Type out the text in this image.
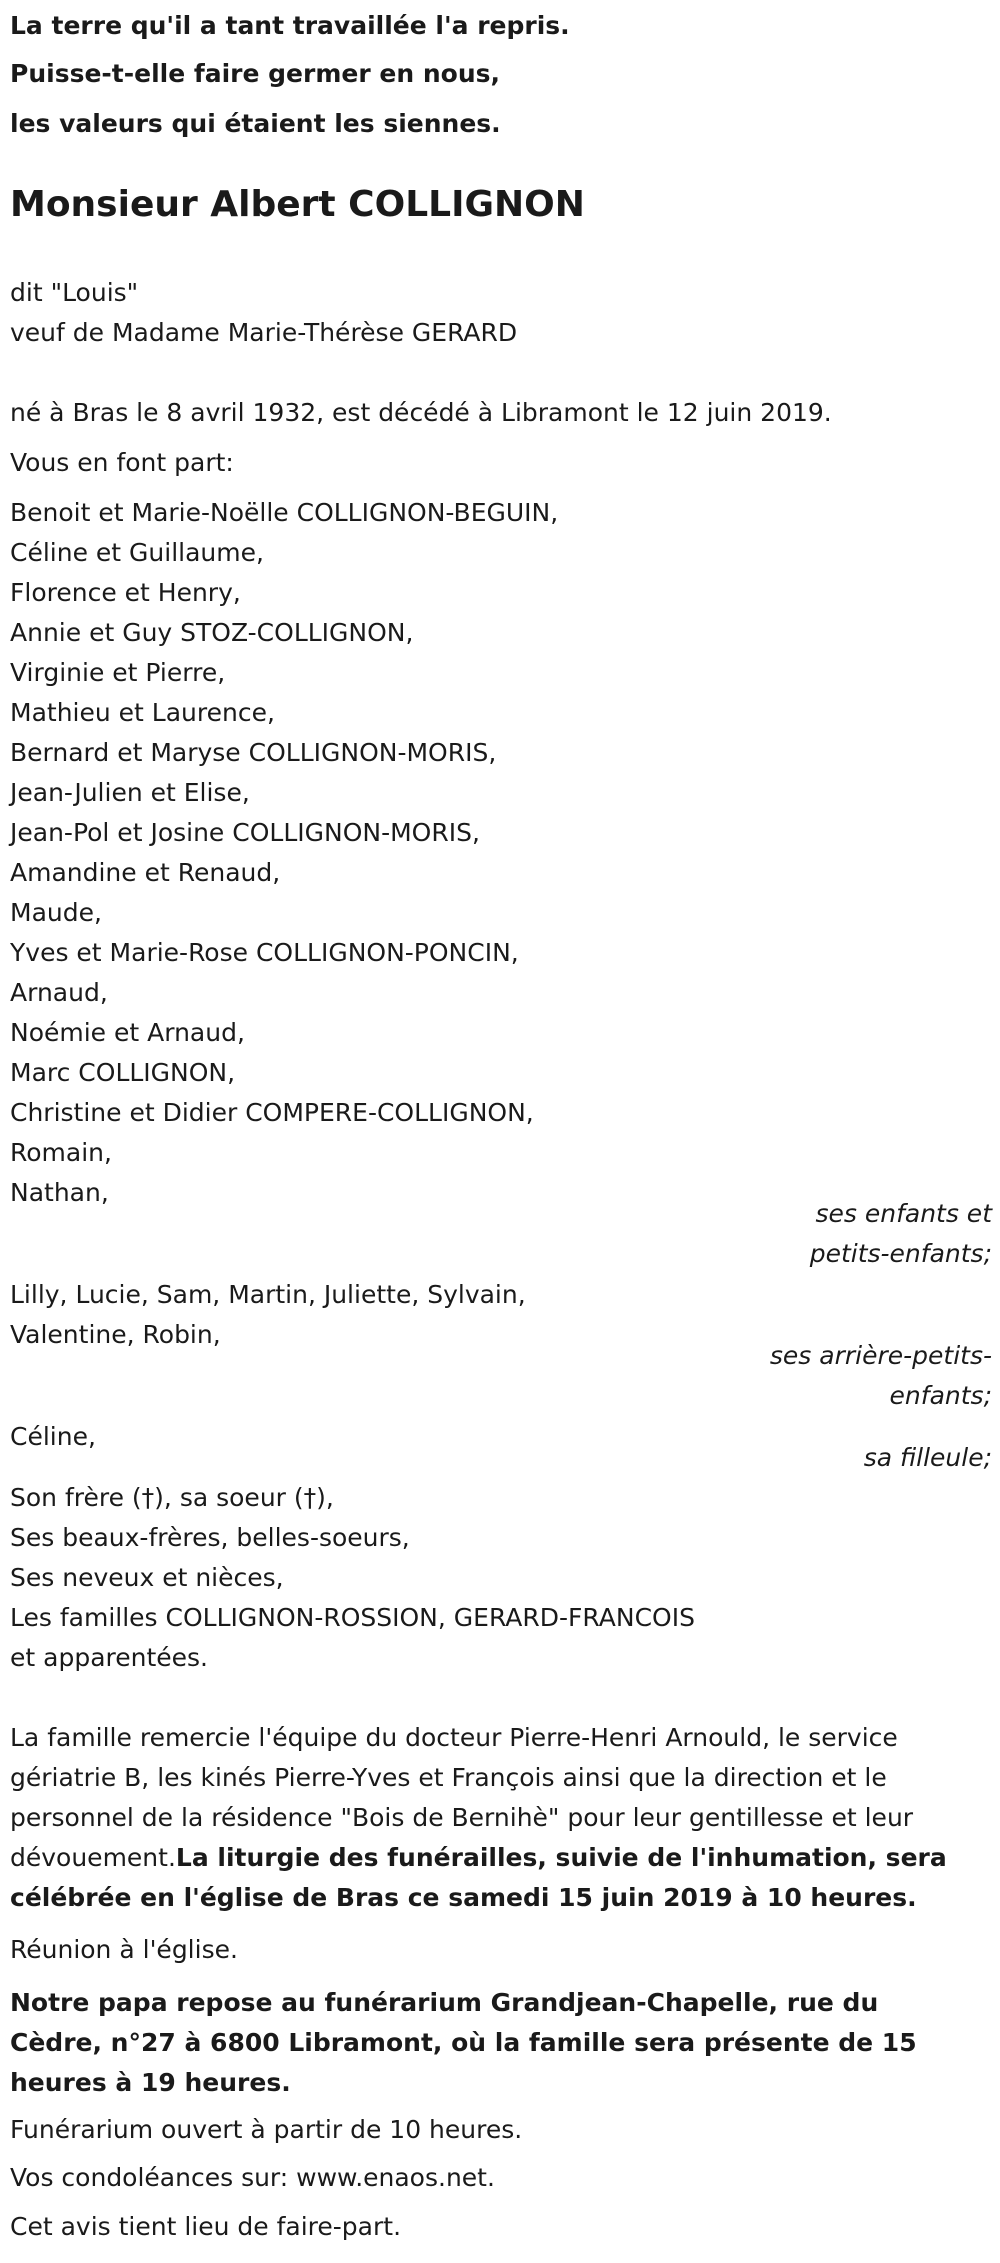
La terre qu'il a tant travaillée l'a repris.
Puisse-t-elle faire germer en nous,
les valeurs qui étaient les siennes.
Monsieur Albert COLLIGNON
dit "Louis"
veuf de Madame Marie-Thérèse GERARD
né à Bras le 8 avril 1932, est décédé à Libramont le 12 juin 2019.
Vous en font part:
Benoit et Marie-Noëlle COLLIGNON-BEGUIN,
Céline et Guillaume,
Florence et Henry,
Annie et Guy STOZ-COLLIGNON,
Virginie et Pierre,
Mathieu et Laurence,
Bernard et Maryse COLLIGNON-MORIS,
Jean-Julien et Elise,
Jean-Pol et Josine COLLIGNON-MORIS,
Amandine et Renaud,
Maude,
Yves et Marie-Rose COLLIGNON-PONCIN,
Arnaud,
Noémie et Arnaud,
Marc COLLIGNON,
Christine et Didier COMPERE-COLLIGNON,
Romain,
Nathan,
ses enfants et
petits-enfants;
Lilly, Lucie, Sam, Martin, Juliette, Sylvain,
Valentine, Robin,
ses arrière-petits-
enfants;
Céline,
sa filleule;
Son frère (†), sa soeur (†),
Ses beaux-frères, belles-soeurs,
Ses neveux et nièces,
Les familles COLLIGNON-ROSSION, GERARD-FRANCOIS
et apparentées.
La famille remercie l'équipe du docteur Pierre-Henri Arnould, le service gériatrie B, les kinés Pierre-Yves et François ainsi que la direction et le personnel de la résidence "Bois de Bernihè" pour leur gentillesse et leur dévouement.La liturgie des funérailles, suivie de l'inhumation, sera célébrée en l'église de Bras ce samedi 15 juin 2019 à 10 heures.
Réunion à l'église.
Notre papa repose au funérarium Grandjean-Chapelle, rue du Cèdre, n°27 à 6800 Libramont, où la famille sera présente de 15 heures à 19 heures.
Funérarium ouvert à partir de 10 heures.
Vos condoléances sur: www.enaos.net.
Cet avis tient lieu de faire-part.
